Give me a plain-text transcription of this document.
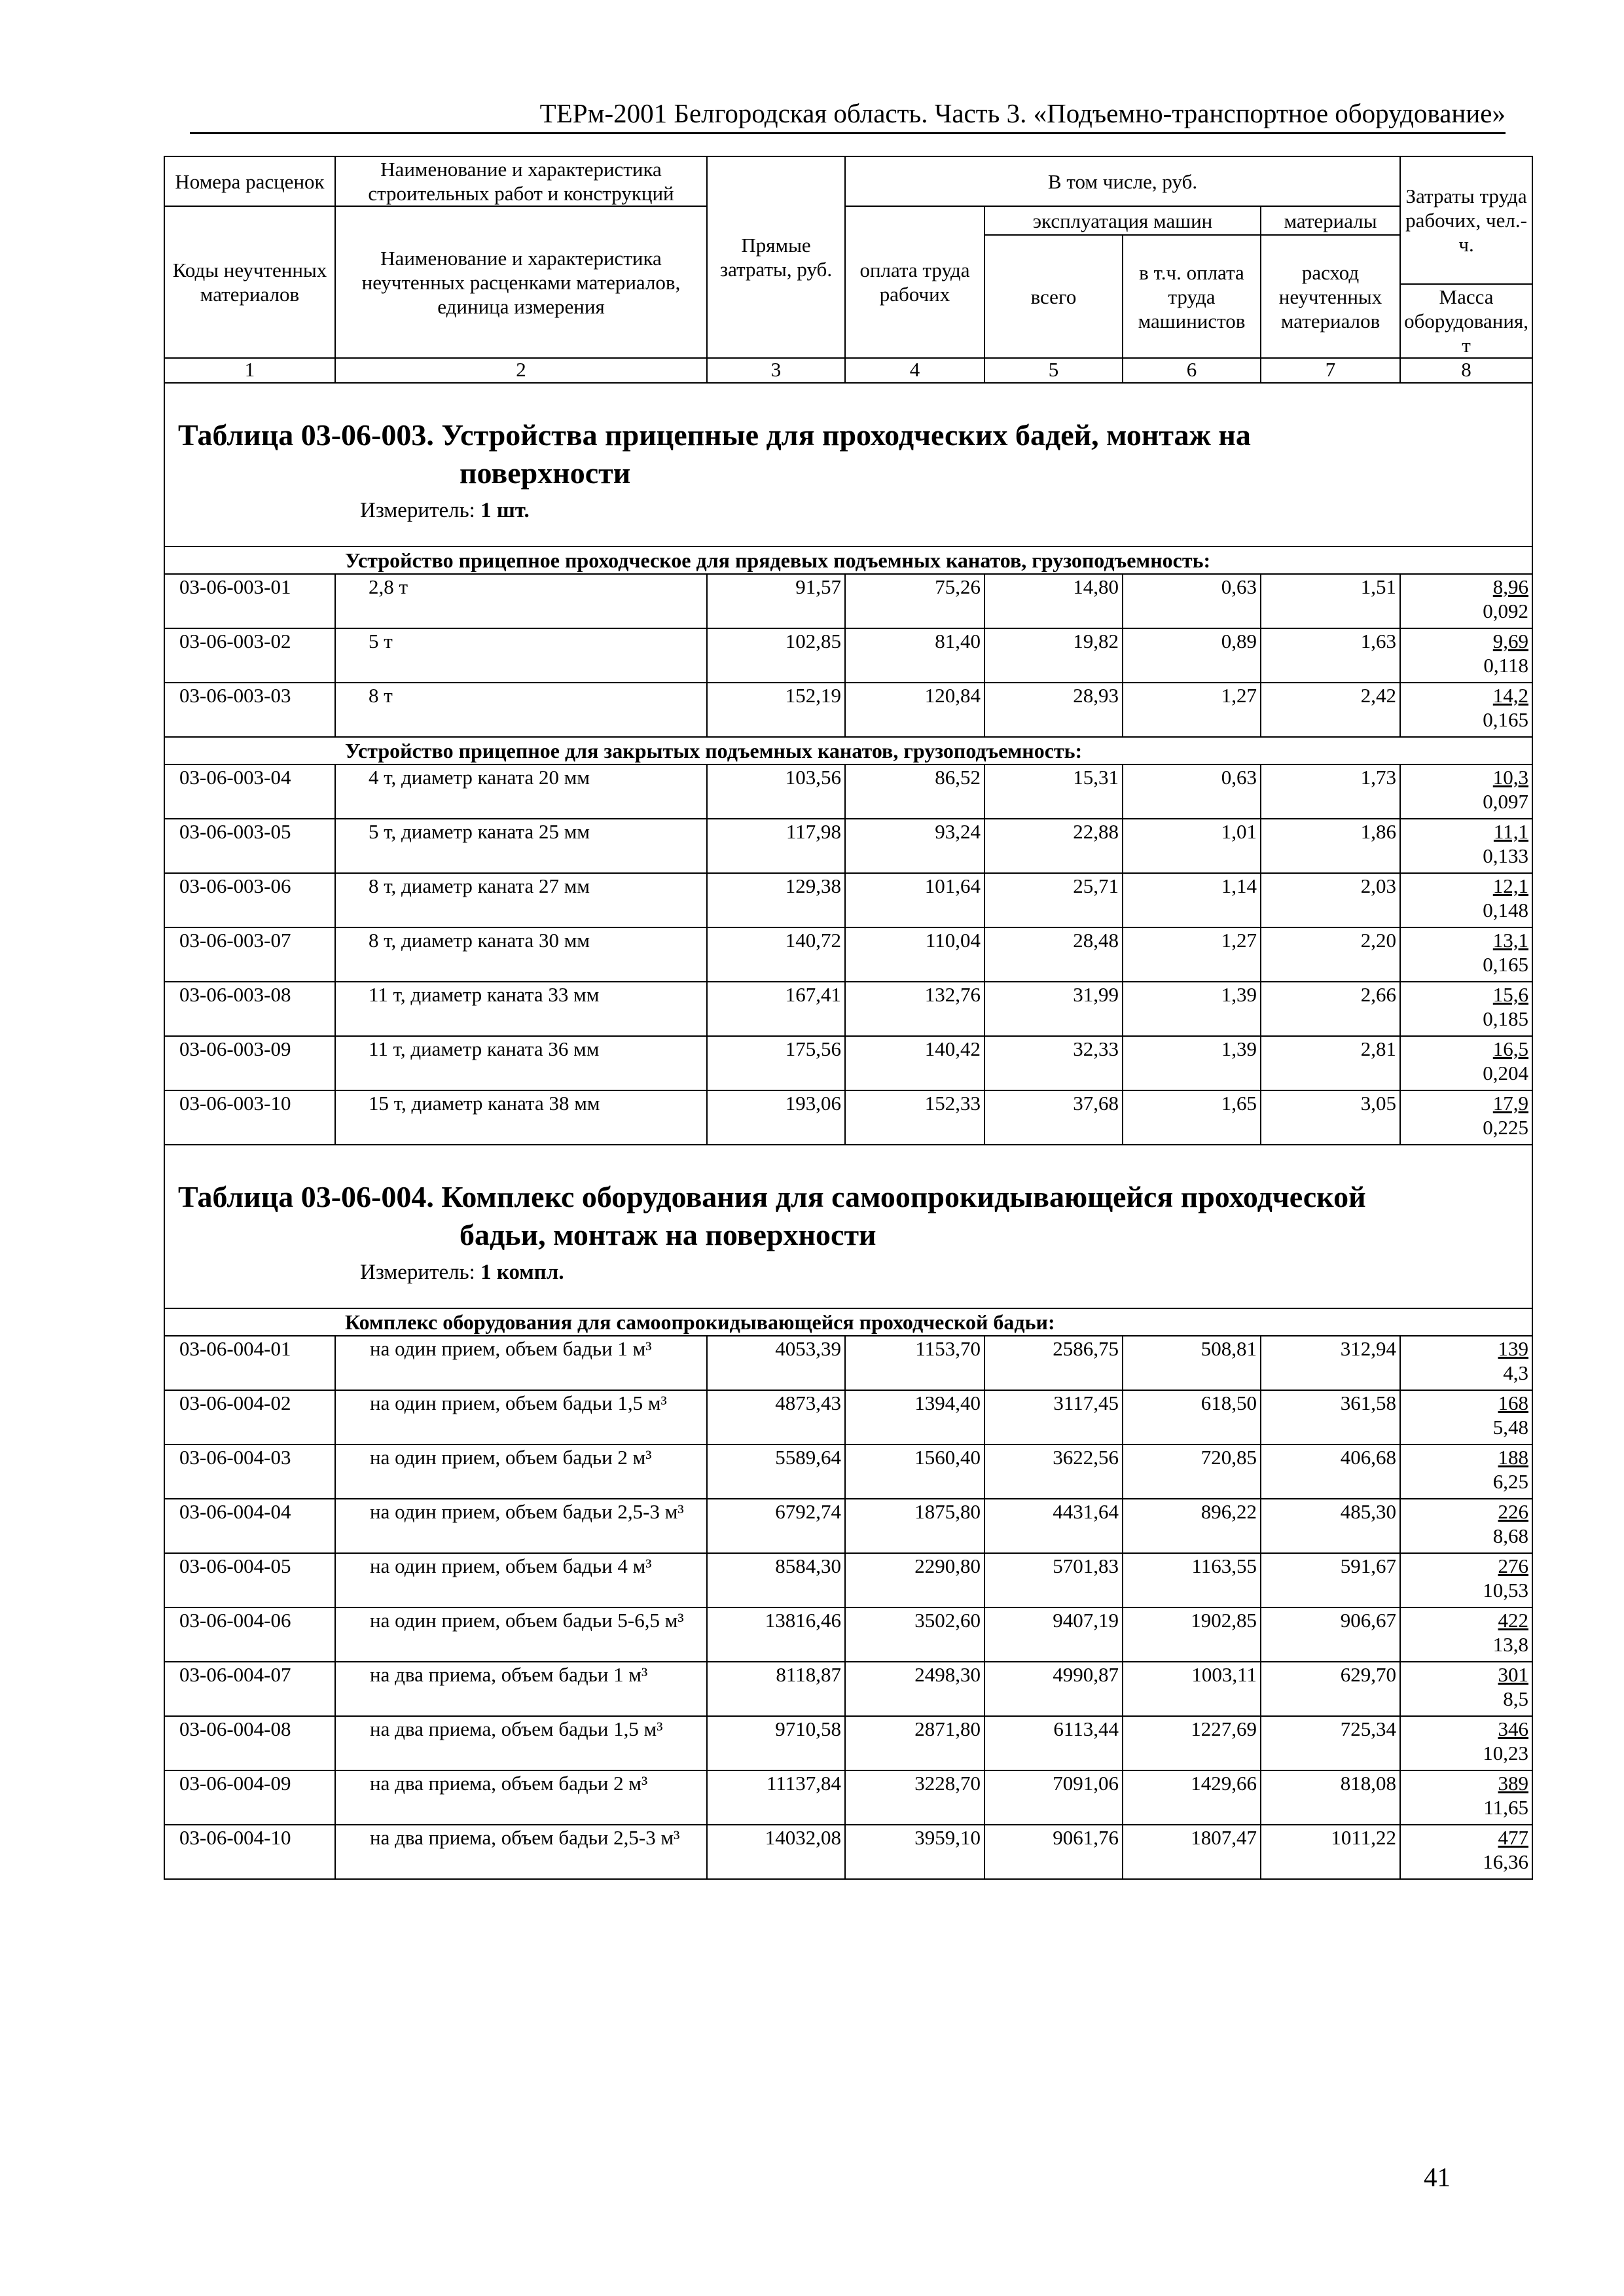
ТЕРм-2001 Белгородская область. Часть 3. «Подъемно-транспортное оборудование»
Номера расценок	Наименование и характеристика строительных работ и конструкций	Прямые затраты, руб.	В том числе, руб.				Затраты труда рабочих, чел.-ч.
Коды неучтенных материалов	Наименование и характеристика неучтенных расценками материалов, единица измерения		оплата труда рабочих	эксплуатация машин		материалы	
				всего	в т.ч. оплата труда машинистов	расход неучтенных материалов	
							Масса оборудования, т
1	2	3	4	5	6	7	8

Таблица 03-06-003. Устройства прицепные для проходческих бадей, монтаж на
поверхности
Измеритель: 1 шт.							

Устройство прицепное проходческое для прядевых подъемных канатов, грузоподъемность:							
03-06-003-01	2,8 т	91,57	75,26	14,80	0,63	1,51	8,96
0,092

03-06-003-02	5 т	102,85	81,40	19,82	0,89	1,63	9,69
0,118

03-06-003-03	8 т	152,19	120,84	28,93	1,27	2,42	14,2
0,165

Устройство прицепное для закрытых подъемных канатов, грузоподъемность:							
03-06-003-04	4 т, диаметр каната 20 мм	103,56	86,52	15,31	0,63	1,73	10,3
0,097

03-06-003-05	5 т, диаметр каната 25 мм	117,98	93,24	22,88	1,01	1,86	11,1
0,133

03-06-003-06	8 т, диаметр каната 27 мм	129,38	101,64	25,71	1,14	2,03	12,1
0,148

03-06-003-07	8 т, диаметр каната 30 мм	140,72	110,04	28,48	1,27	2,20	13,1
0,165

03-06-003-08	11 т, диаметр каната 33 мм	167,41	132,76	31,99	1,39	2,66	15,6
0,185

03-06-003-09	11 т, диаметр каната 36 мм	175,56	140,42	32,33	1,39	2,81	16,5
0,204

03-06-003-10	15 т, диаметр каната 38 мм	193,06	152,33	37,68	1,65	3,05	17,9
0,225

Таблица 03-06-004. Комплекс оборудования для самоопрокидывающейся проходческой
бадьи, монтаж на поверхности
Измеритель: 1 компл.							

Комплекс оборудования для самоопрокидывающейся проходческой бадьи:							
03-06-004-01	на один прием, объем бадьи 1 м³	4053,39	1153,70	2586,75	508,81	312,94	139
4,3

03-06-004-02	на один прием, объем бадьи 1,5 м³	4873,43	1394,40	3117,45	618,50	361,58	168
5,48

03-06-004-03	на один прием, объем бадьи 2 м³	5589,64	1560,40	3622,56	720,85	406,68	188
6,25

03-06-004-04	на один прием, объем бадьи 2,5-3 м³	6792,74	1875,80	4431,64	896,22	485,30	226
8,68

03-06-004-05	на один прием, объем бадьи 4 м³	8584,30	2290,80	5701,83	1163,55	591,67	276
10,53

03-06-004-06	на один прием, объем бадьи 5-6,5 м³	13816,46	3502,60	9407,19	1902,85	906,67	422
13,8

03-06-004-07	на два приема, объем бадьи 1 м³	8118,87	2498,30	4990,87	1003,11	629,70	301
8,5

03-06-004-08	на два приема, объем бадьи 1,5 м³	9710,58	2871,80	6113,44	1227,69	725,34	346
10,23

03-06-004-09	на два приема, объем бадьи 2 м³	11137,84	3228,70	7091,06	1429,66	818,08	389
11,65

03-06-004-10	на два приема, объем бадьи 2,5-3 м³	14032,08	3959,10	9061,76	1807,47	1011,22	477
16,36
41
